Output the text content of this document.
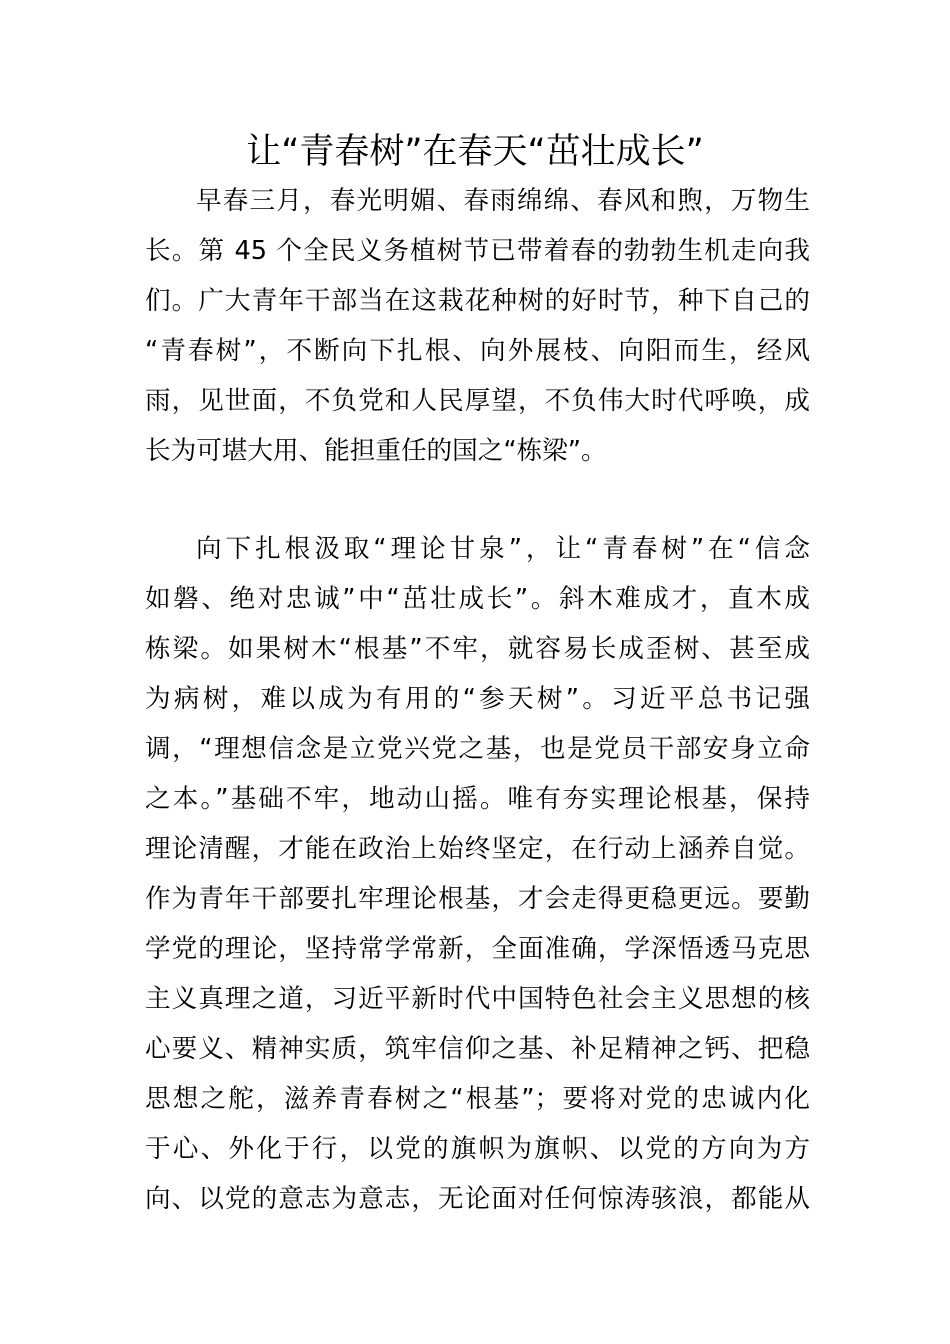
让“青春树”在春天“茁壮成长”

早春三月，春光明媚、春雨绵绵、春风和煦，万物生
长。第 45 个全民义务植树节已带着春的勃勃生机走向我
们。广大青年干部当在这栽花种树的好时节，种下自己的
“青春树”，不断向下扎根、向外展枝、向阳而生，经风
雨，见世面，不负党和人民厚望，不负伟大时代呼唤，成
长为可堪大用、能担重任的国之“栋梁”。

向下扎根汲取“理论甘泉”，让“青春树”在“信念
如磐、绝对忠诚”中“茁壮成长”。斜木难成才，直木成
栋梁。如果树木“根基”不牢，就容易长成歪树、甚至成
为病树，难以成为有用的“参天树”。习近平总书记强
调，“理想信念是立党兴党之基，也是党员干部安身立命
之本。”基础不牢，地动山摇。唯有夯实理论根基，保持
理论清醒，才能在政治上始终坚定，在行动上涵养自觉。
作为青年干部要扎牢理论根基，才会走得更稳更远。要勤
学党的理论，坚持常学常新，全面准确，学深悟透马克思
主义真理之道，习近平新时代中国特色社会主义思想的核
心要义、精神实质，筑牢信仰之基、补足精神之钙、把稳
思想之舵，滋养青春树之“根基”；要将对党的忠诚内化
于心、外化于行，以党的旗帜为旗帜、以党的方向为方
向、以党的意志为意志，无论面对任何惊涛骇浪，都能从
